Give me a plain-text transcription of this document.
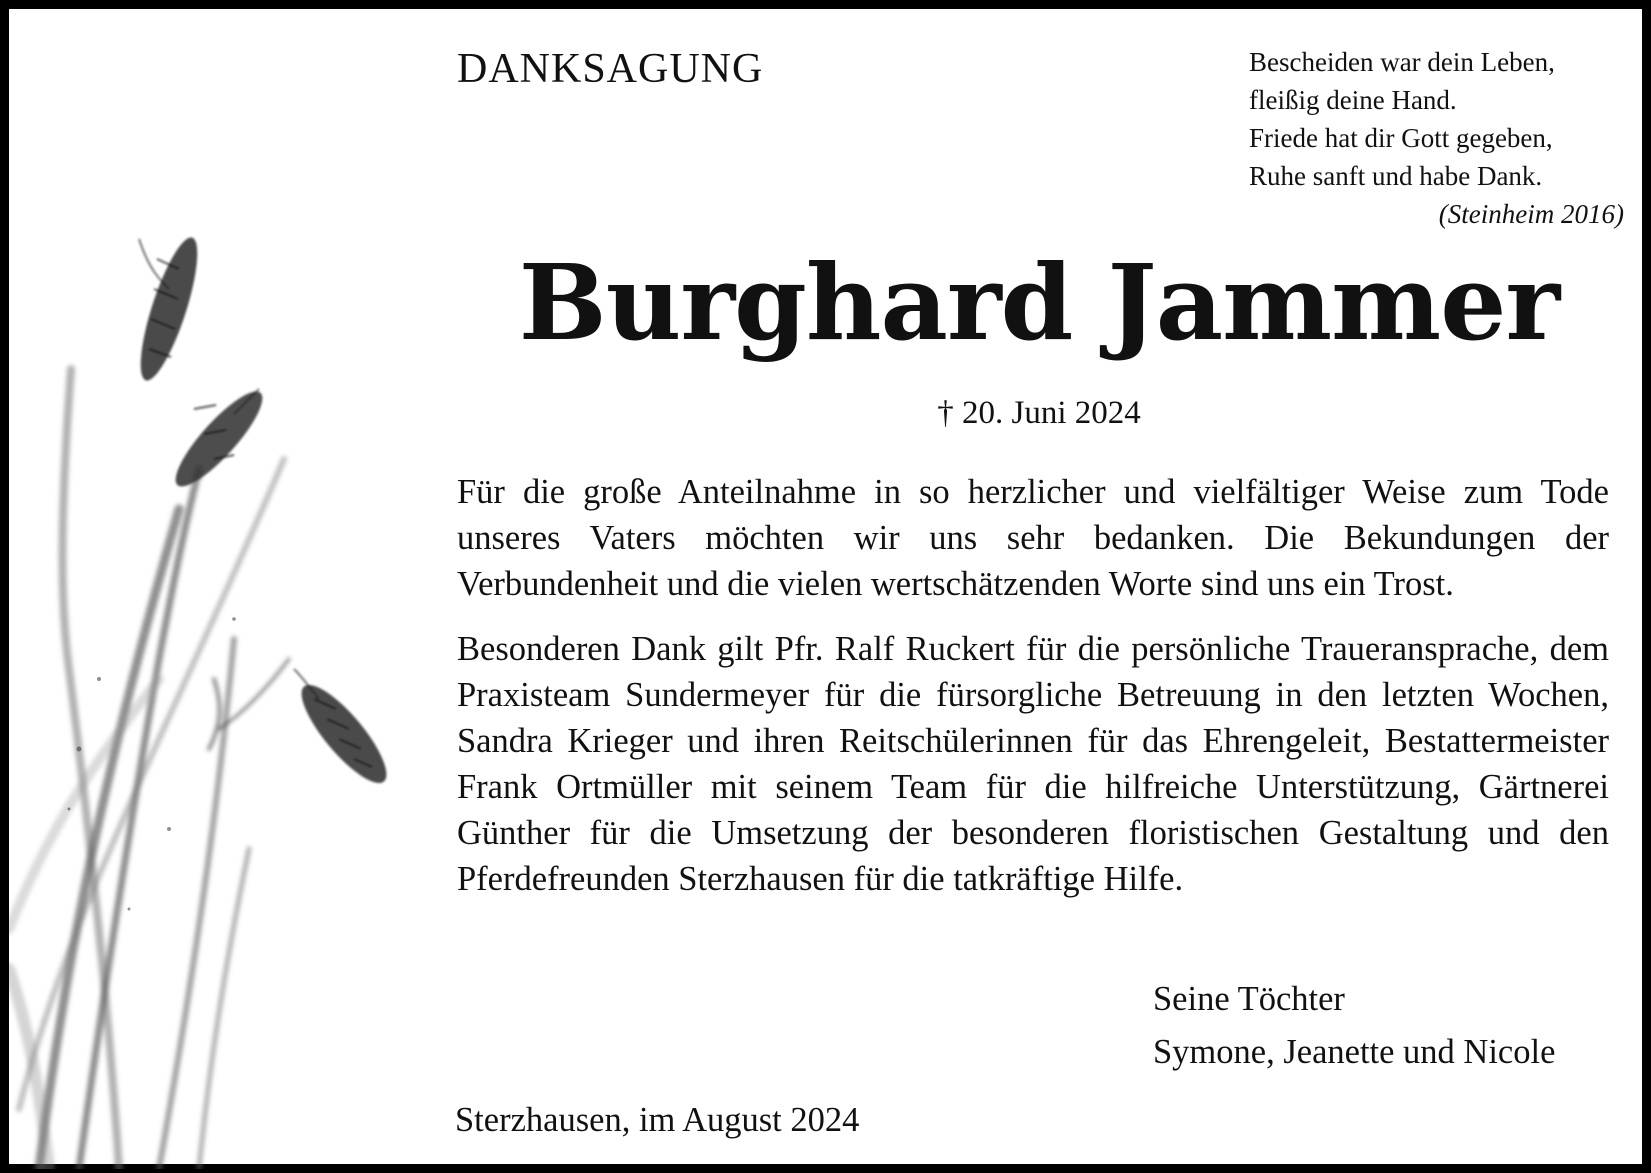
DANKSAGUNG	Bescheiden war dein Leben,
fleißig deine Hand.
Friede hat dir Gott gegeben,
Ruhe sanft und habe Dank.
(Steinheim 2016)
Burghard Jammer
† 20. Juni 2024
Für die große Anteilnahme in so herzlicher und vielfältiger Weise zum Tode unseres Vaters möchten wir uns sehr bedanken. Die Bekundungen der Verbundenheit und die vielen wertschätzenden Worte sind uns ein Trost.
Besonderen Dank gilt Pfr. Ralf Ruckert für die persönliche Traueransprache, dem Praxisteam Sundermeyer für die fürsorgliche Betreuung in den letzten Wochen, Sandra Krieger und ihren Reitschülerinnen für das Ehrengeleit, Bestattermeister Frank Ortmüller mit seinem Team für die hilfreiche Unterstützung, Gärtnerei Günther für die Umsetzung der besonderen floristischen Gestaltung und den Pferdefreunden Sterzhausen für die tatkräftige Hilfe.
Seine Töchter
Symone, Jeanette und Nicole
Sterzhausen, im August 2024
